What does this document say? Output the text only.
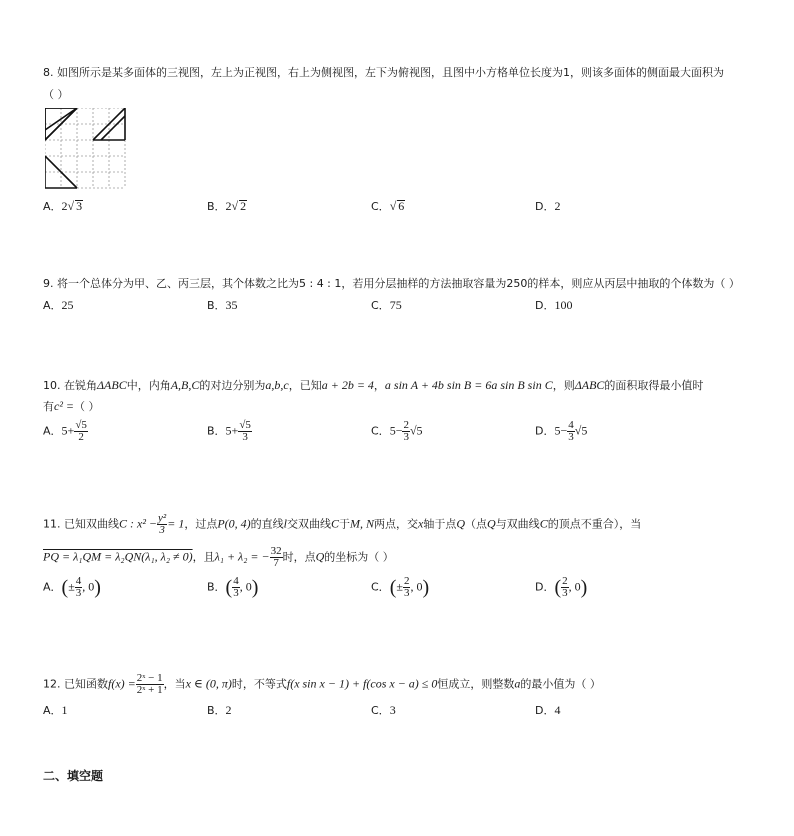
8. 如图所示是某多面体的三视图，左上为正视图，右上为侧视图，左下为俯视图，且图中小方格单位长度为1，则该多面体的侧面最大面积为
（ ）
A．2√ 3	B．2√ 2	C．√ 6	D．2
9. 将一个总体分为甲、乙、丙三层，其个体数之比为5 : 4 : 1，若用分层抽样的方法抽取容量为250的样本，则应从丙层中抽取的个体数为（ ）
A．25	B．35	C．75	D．100
10. 在锐角ΔABC中，内角A,B,C的对边分别为a,b,c，已知a + 2b = 4，a sin A + 4b sin B = 6a sin B sin C，则ΔABC的面积取得最小值时
有c² =（ ）
A．$5+ \frac{√5}{2}$	B．$5+ \frac{√5}{3}$	C．$5- \frac{2}{3} √5$	D．$5- \frac{4}{3} √5$
11. 已知双曲线C : $x^2 - \frac{\text{y²}}{3} = 1$，过点P(0, 4)的直线l交双曲线C于M, N两点，交x轴于点Q（点Q与双曲线C的顶点不重合），当
PQ = λ₁QM = λ₂QN(λ₁, λ₂ ≠ 0)，且λ₁ + λ₂ = − $\frac{32}{7}$ 时，点Q的坐标为（ ）
A．(± $\frac{4}{3}$ , 0)	B．( $\frac{4}{3}$ , 0)	C．(± $\frac{2}{3}$ , 0)	D．( $\frac{2}{3}$ , 0)
12. 已知函数$f(x) = \frac{\text{2ˣ − 1}}{\text{2ˣ + 1}}$ ，当x ∈ (0, π)时，不等式f(x sin x − 1) + f(cos x − a) ≤ 0恒成立，则整数a的最小值为（ ）
A．1	B．2	C．3	D．4
二、填空题
